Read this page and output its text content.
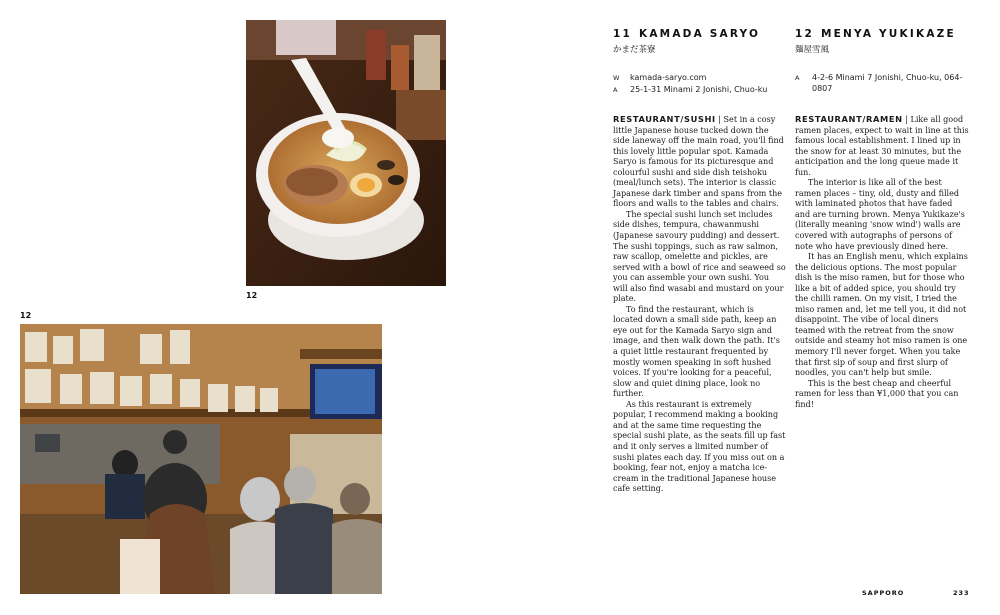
12
12
11 KAMADA SARYO
かまだ茶寮
W	kamada-saryo.com
A	25-1-31 Minami 2 Jonishi, Chuo-ku

RESTAURANT/SUSHI | Set in a cosy little Japanese house tucked down the side laneway off the main road, you'll find this lovely little popular spot. Kamada Saryo is famous for its picturesque and colourful sushi and side dish teishoku (meal/lunch sets). The interior is classic Japanese dark timber and spans from the floors and walls to the tables and chairs.

The special sushi lunch set includes side dishes, tempura, chawanmushi (Japanese savoury pudding) and dessert. The sushi toppings, such as raw salmon, raw scallop, omelette and pickles, are served with a bowl of rice and seaweed so you can assemble your own sushi. You will also find wasabi and mustard on your plate.

To find the restaurant, which is located down a small side path, keep an eye out for the Kamada Saryo sign and image, and then walk down the path. It's a quiet little restaurant frequented by mostly women speaking in soft hushed voices. If you're looking for a peaceful, slow and quiet dining place, look no further.

As this restaurant is extremely popular, I recommend making a booking and at the same time requesting the special sushi plate, as the seats fill up fast and it only serves a limited number of sushi plates each day. If you miss out on a booking, fear not, enjoy a matcha ice-cream in the traditional Japanese house cafe setting.

12 MENYA YUKIKAZE
麺屋雪風
A	4-2-6 Minami 7 Jonishi, Chuo-ku, 064-0807

RESTAURANT/RAMEN | Like all good ramen places, expect to wait in line at this famous local establishment. I lined up in the snow for at least 30 minutes, but the anticipation and the long queue made it fun.

The interior is like all of the best ramen places – tiny, old, dusty and filled with laminated photos that have faded and are turning brown. Menya Yukikaze's (literally meaning 'snow wind') walls are covered with autographs of persons of note who have previously dined here.

It has an English menu, which explains the delicious options. The most popular dish is the miso ramen, but for those who like a bit of added spice, you should try the chilli ramen. On my visit, I tried the miso ramen and, let me tell you, it did not disappoint. The vibe of local diners teamed with the retreat from the snow outside and steamy hot miso ramen is one memory I'll never forget. When you take that first sip of soup and first slurp of noodles, you can't help but smile.

This is the best cheap and cheerful ramen for less than ¥1,000 that you can find!

SAPPORO	233
